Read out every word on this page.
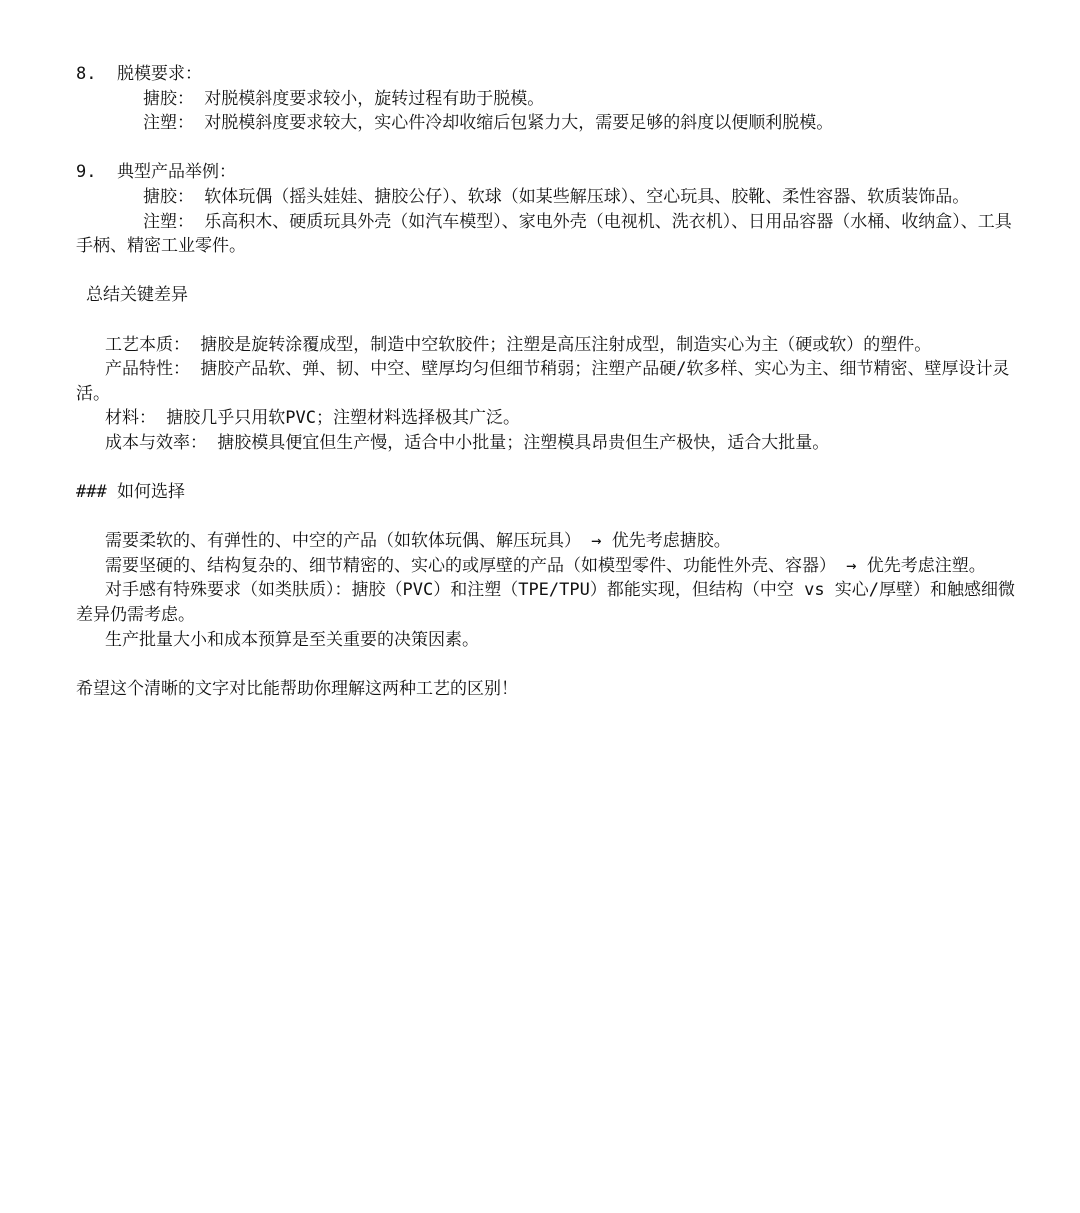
8.  脱模要求：
搪胶： 对脱模斜度要求较小，旋转过程有助于脱模。
注塑： 对脱模斜度要求较大，实心件冷却收缩后包紧力大，需要足够的斜度以便顺利脱模。
9.  典型产品举例：
搪胶： 软体玩偶（摇头娃娃、搪胶公仔）、软球（如某些解压球）、空心玩具、胶靴、柔性容器、软质装饰品。
注塑： 乐高积木、硬质玩具外壳（如汽车模型）、家电外壳（电视机、洗衣机）、日用品容器（水桶、收纳盒）、工具手柄、精密工业零件。
总结关键差异
工艺本质： 搪胶是旋转涂覆成型，制造中空软胶件；注塑是高压注射成型，制造实心为主（硬或软）的塑件。
产品特性： 搪胶产品软、弹、韧、中空、壁厚均匀但细节稍弱；注塑产品硬/软多样、实心为主、细节精密、壁厚设计灵活。
材料： 搪胶几乎只用软PVC；注塑材料选择极其广泛。
成本与效率： 搪胶模具便宜但生产慢，适合中小批量；注塑模具昂贵但生产极快，适合大批量。
### 如何选择
需要柔软的、有弹性的、中空的产品（如软体玩偶、解压玩具） → 优先考虑搪胶。
需要坚硬的、结构复杂的、细节精密的、实心的或厚壁的产品（如模型零件、功能性外壳、容器） → 优先考虑注塑。
对手感有特殊要求（如类肤质）：搪胶（PVC）和注塑（TPE/TPU）都能实现，但结构（中空 vs 实心/厚壁）和触感细微差异仍需考虑。
生产批量大小和成本预算是至关重要的决策因素。
希望这个清晰的文字对比能帮助你理解这两种工艺的区别！
